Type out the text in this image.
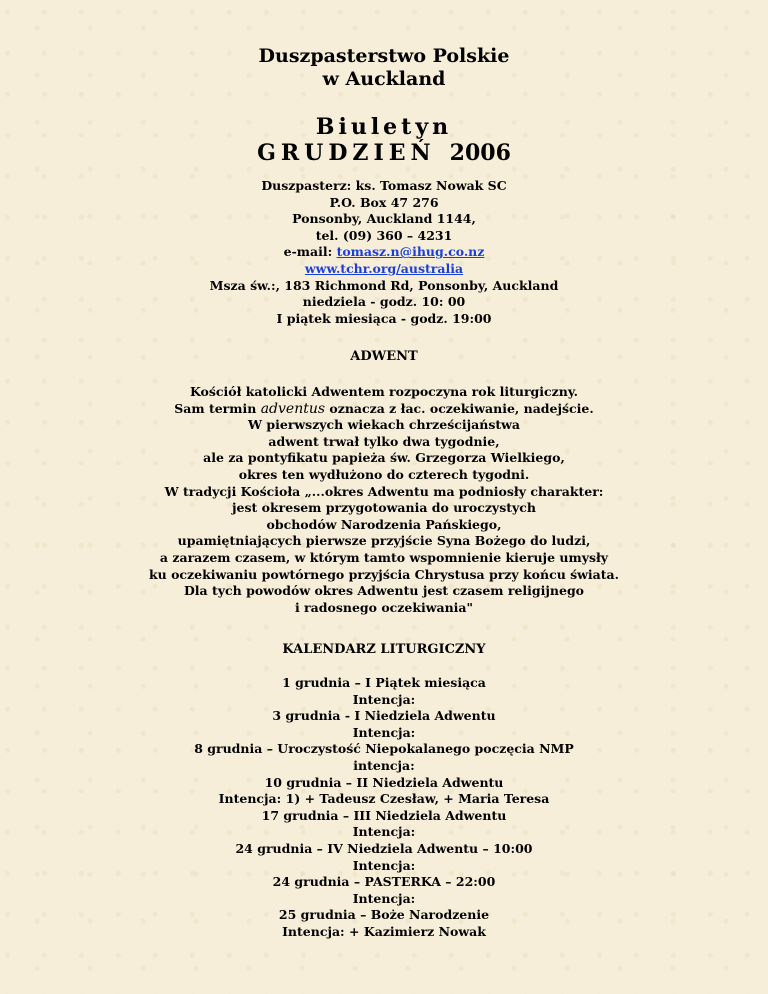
Duszpasterstwo Polskie
w Auckland
Biuletyn
GRUDZIEŃ 2006
Duszpasterz: ks. Tomasz Nowak SC
P.O. Box 47 276
Ponsonby, Auckland 1144,
tel. (09) 360 – 4231
e-mail: tomasz.n@ihug.co.nz
www.tchr.org/australia
Msza św.:, 183 Richmond Rd, Ponsonby, Auckland
niedziela - godz. 10: 00
I piątek miesiąca - godz. 19:00
ADWENT
Kościół katolicki Adwentem rozpoczyna rok liturgiczny.
Sam termin adventus oznacza z łac. oczekiwanie, nadejście.
W pierwszych wiekach chrześcijaństwa
adwent trwał tylko dwa tygodnie,
ale za pontyfikatu papieża św. Grzegorza Wielkiego,
okres ten wydłużono do czterech tygodni.
W tradycji Kościoła „...okres Adwentu ma podniosły charakter:
jest okresem przygotowania do uroczystych
obchodów Narodzenia Pańskiego,
upamiętniających pierwsze przyjście Syna Bożego do ludzi,
a zarazem czasem, w którym tamto wspomnienie kieruje umysły
ku oczekiwaniu powtórnego przyjścia Chrystusa przy końcu świata.
Dla tych powodów okres Adwentu jest czasem religijnego
i radosnego oczekiwania"
KALENDARZ LITURGICZNY
1 grudnia – I Piątek miesiąca
Intencja:
3 grudnia - I Niedziela Adwentu
Intencja:
8 grudnia – Uroczystość Niepokalanego poczęcia NMP
intencja:
10 grudnia – II Niedziela Adwentu
Intencja: 1) + Tadeusz Czesław, + Maria Teresa
17 grudnia – III Niedziela Adwentu
Intencja:
24 grudnia – IV Niedziela Adwentu – 10:00
Intencja:
24 grudnia – PASTERKA – 22:00
Intencja:
25 grudnia – Boże Narodzenie
Intencja: + Kazimierz Nowak
